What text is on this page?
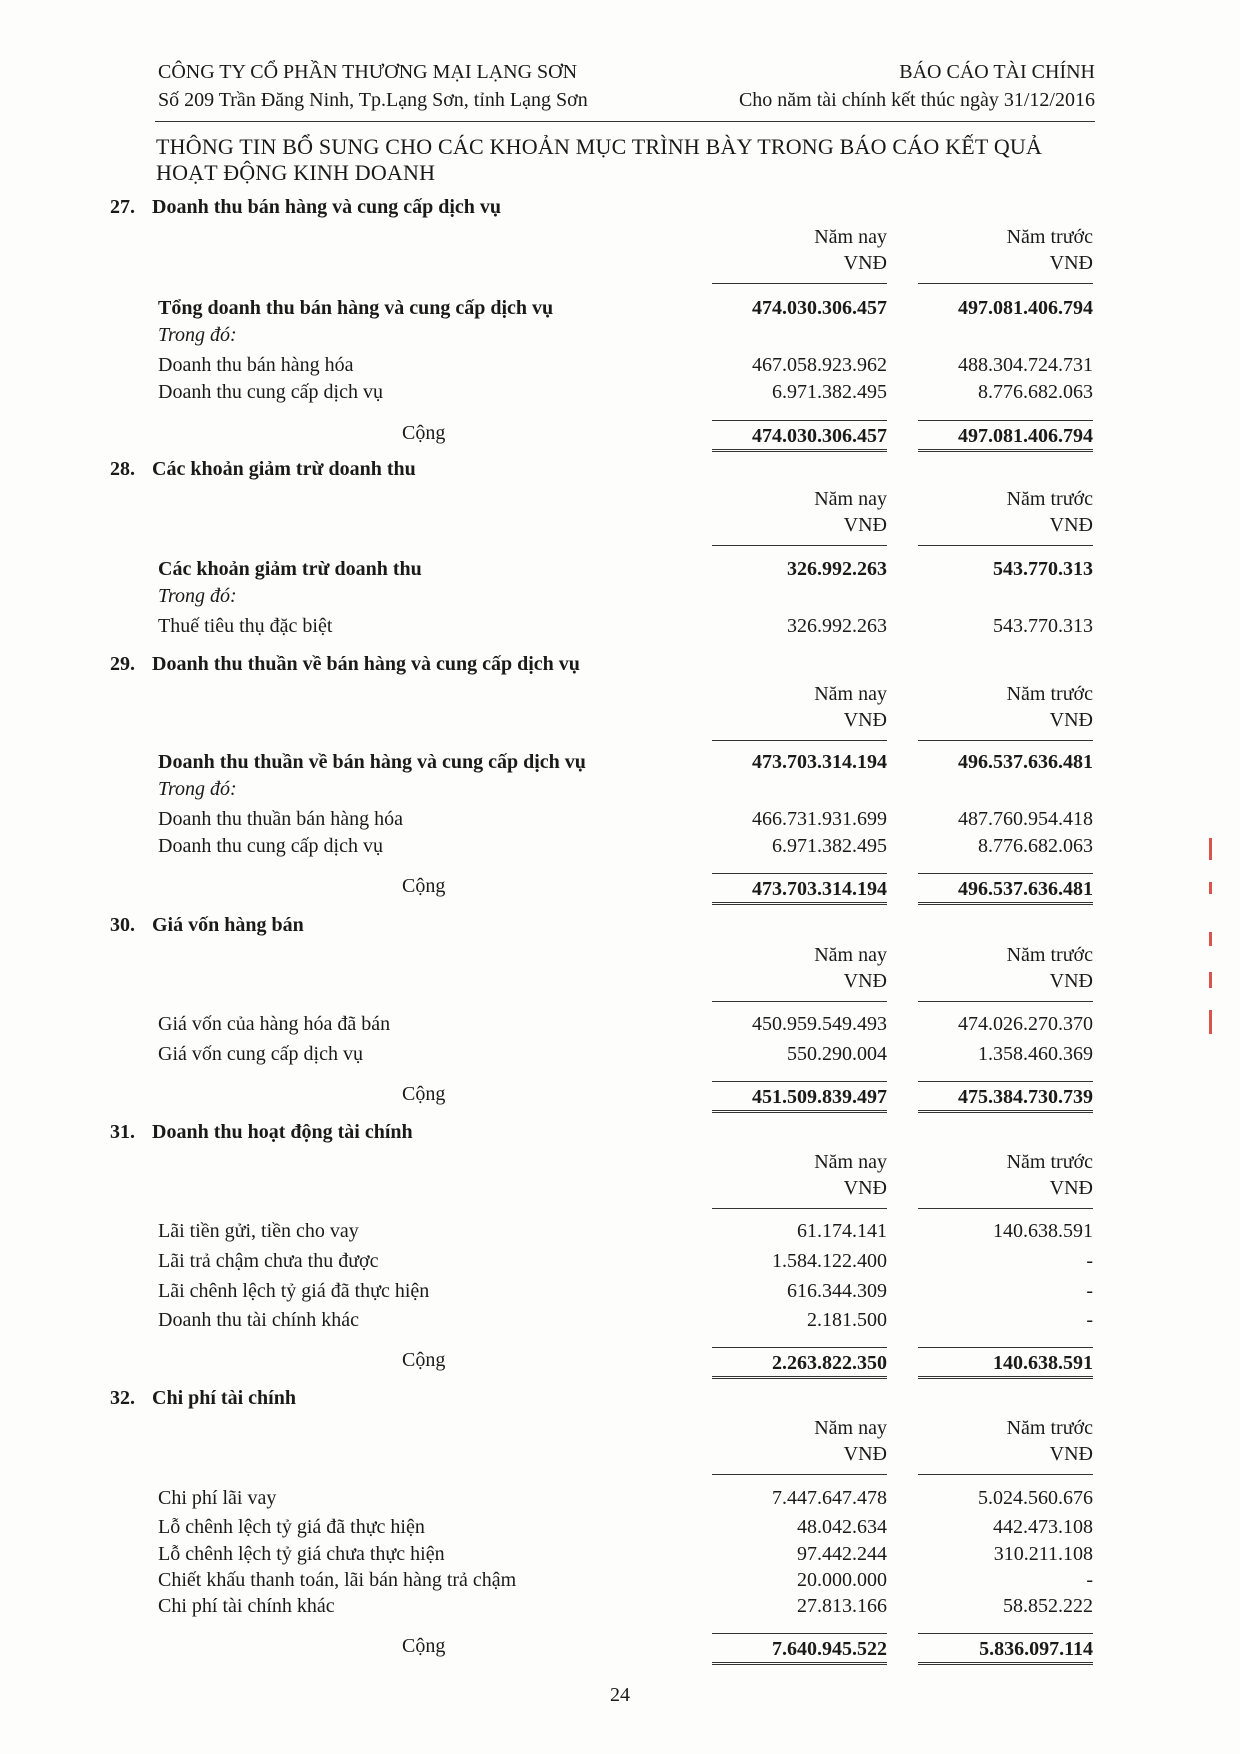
CÔNG TY CỔ PHẦN THƯƠNG MẠI LẠNG SƠN
Số 209 Trần Đăng Ninh, Tp.Lạng Sơn, tỉnh Lạng Sơn
BÁO CÁO TÀI CHÍNH
Cho năm tài chính kết thúc ngày 31/12/2016
THÔNG TIN BỔ SUNG CHO CÁC KHOẢN MỤC TRÌNH BÀY TRONG BÁO CÁO KẾT QUẢ HOẠT ĐỘNG KINH DOANH
27. Doanh thu bán hàng và cung cấp dịch vụ
Năm nay
VNĐ
Năm trước
VNĐ
Tổng doanh thu bán hàng và cung cấp dịch vụ	474.030.306.457	497.081.406.794
Trong đó:
Doanh thu bán hàng hóa	467.058.923.962	488.304.724.731
Doanh thu cung cấp dịch vụ	6.971.382.495	8.776.682.063
Cộng	474.030.306.457	497.081.406.794
28. Các khoản giảm trừ doanh thu
Năm nay
VNĐ
Năm trước
VNĐ
Các khoản giảm trừ doanh thu	326.992.263	543.770.313
Trong đó:
Thuế tiêu thụ đặc biệt	326.992.263	543.770.313
29. Doanh thu thuần về bán hàng và cung cấp dịch vụ
Năm nay
VNĐ
Năm trước
VNĐ
Doanh thu thuần về bán hàng và cung cấp dịch vụ	473.703.314.194	496.537.636.481
Trong đó:
Doanh thu thuần bán hàng hóa	466.731.931.699	487.760.954.418
Doanh thu cung cấp dịch vụ	6.971.382.495	8.776.682.063
Cộng	473.703.314.194	496.537.636.481
30. Giá vốn hàng bán
Năm nay
VNĐ
Năm trước
VNĐ
Giá vốn của hàng hóa đã bán	450.959.549.493	474.026.270.370
Giá vốn cung cấp dịch vụ	550.290.004	1.358.460.369
Cộng	451.509.839.497	475.384.730.739
31. Doanh thu hoạt động tài chính
Năm nay
VNĐ
Năm trước
VNĐ
Lãi tiền gửi, tiền cho vay	61.174.141	140.638.591
Lãi trả chậm chưa thu được	1.584.122.400	-
Lãi chênh lệch tỷ giá đã thực hiện	616.344.309	-
Doanh thu tài chính khác	2.181.500	-
Cộng	2.263.822.350	140.638.591
32. Chi phí tài chính
Năm nay
VNĐ
Năm trước
VNĐ
Chi phí lãi vay	7.447.647.478	5.024.560.676
Lỗ chênh lệch tỷ giá đã thực hiện	48.042.634	442.473.108
Lỗ chênh lệch tỷ giá chưa thực hiện	97.442.244	310.211.108
Chiết khấu thanh toán, lãi bán hàng trả chậm	20.000.000	-
Chi phí tài chính khác	27.813.166	58.852.222
Cộng	7.640.945.522	5.836.097.114
24
